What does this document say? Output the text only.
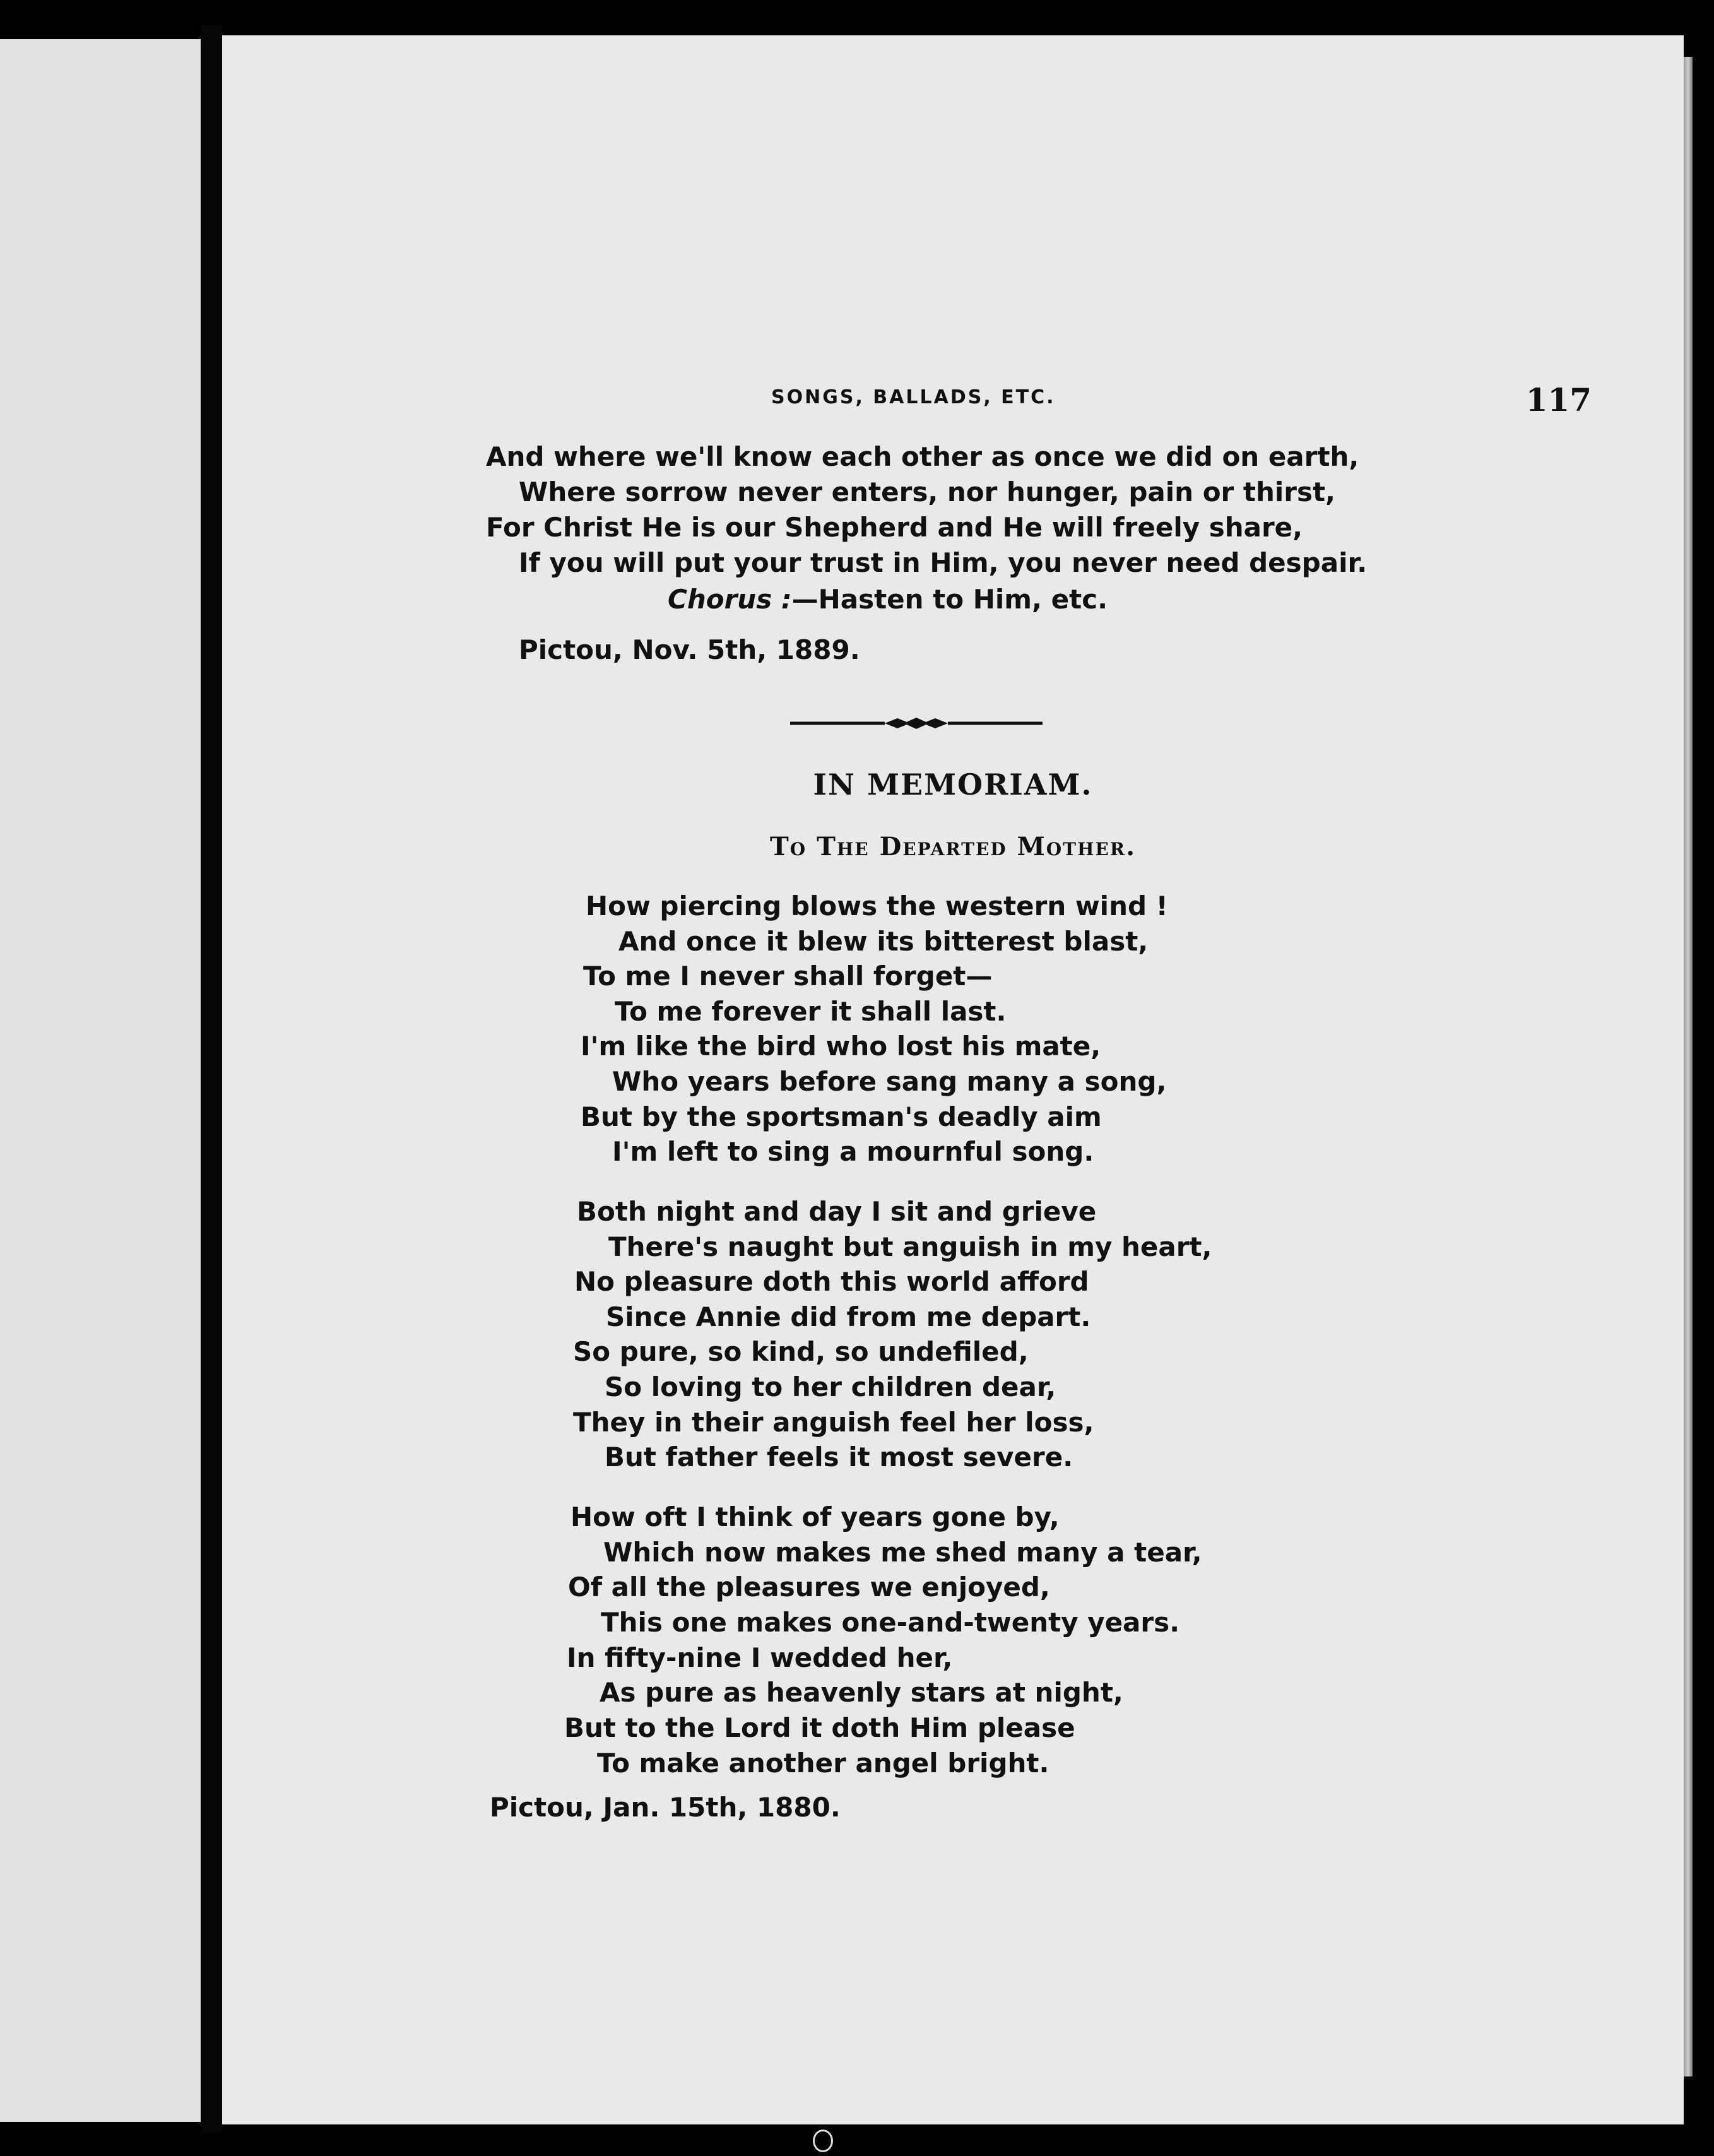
SONGS, BALLADS, ETC.	117
And where we'll know each other as once we did on earth,
Where sorrow never enters, nor hunger, pain or thirst,
For Christ He is our Shepherd and He will freely share,
If you will put your trust in Him, you never need despair.
Chorus :—Hasten to Him, etc.
Pictou, Nov. 5th, 1889.
IN MEMORIAM.
To The Departed Mother.
How piercing blows the western wind !
And once it blew its bitterest blast,
To me I never shall forget—
To me forever it shall last.
I'm like the bird who lost his mate,
Who years before sang many a song,
But by the sportsman's deadly aim
I'm left to sing a mournful song.
Both night and day I sit and grieve
There's naught but anguish in my heart,
No pleasure doth this world afford
Since Annie did from me depart.
So pure, so kind, so undefiled,
So loving to her children dear,
They in their anguish feel her loss,
But father feels it most severe.
How oft I think of years gone by,
Which now makes me shed many a tear,
Of all the pleasures we enjoyed,
This one makes one-and-twenty years.
In fifty-nine I wedded her,
As pure as heavenly stars at night,
But to the Lord it doth Him please
To make another angel bright.
Pictou, Jan. 15th, 1880.
